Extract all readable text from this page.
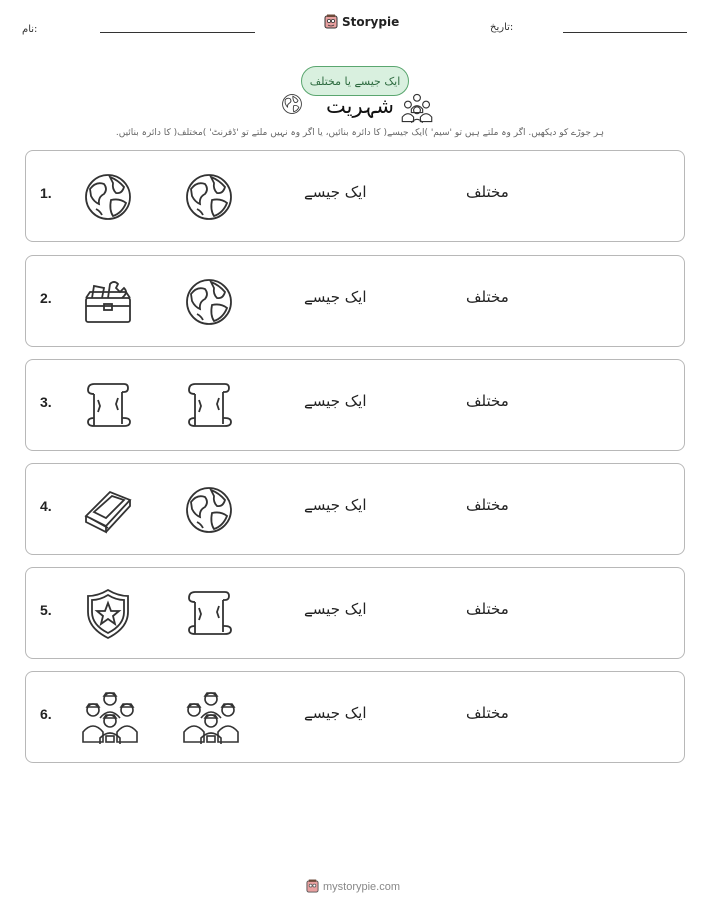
تاریخ:
Storypie
نام:
ایک جیسے یا مختلف
شہریت
ہر جوڑے کو دیکھیں. اگر وہ ملتے ہیں تو 'سیم' )ایک جیسے( کا دائرہ بنائیں، یا اگر وہ نہیں ملتے تو 'ڈفرنٹ' )مختلف( کا دائرہ بنائیں.
1.	ایک جیسے	مختلف
2.	ایک جیسے	مختلف
3.	ایک جیسے	مختلف
4.	ایک جیسے	مختلف
5.	ایک جیسے	مختلف
6.	ایک جیسے	مختلف
mystorypie.com
